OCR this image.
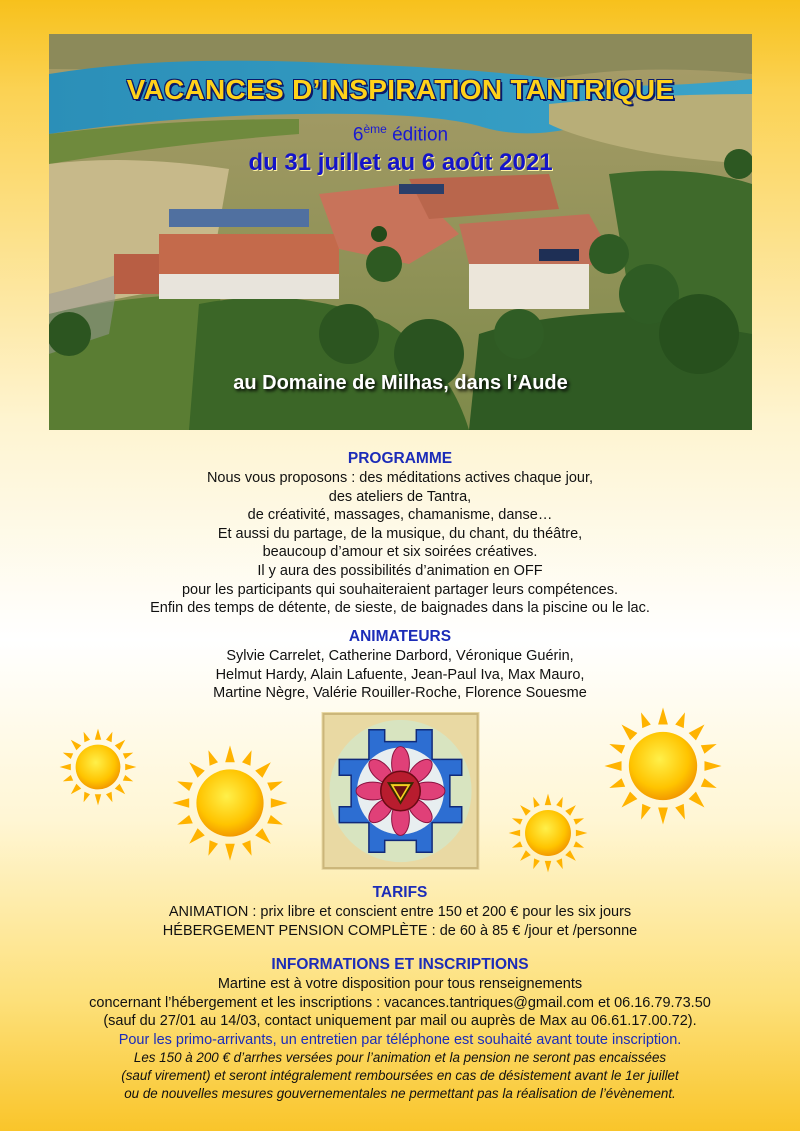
VACANCES D’INSPIRATION TANTRIQUE
6ème édition
du 31 juillet au 6 août 2021
au Domaine de Milhas, dans l’Aude
PROGRAMME
Nous vous proposons : des méditations actives chaque jour,
des ateliers de Tantra,
de créativité, massages, chamanisme, danse…
Et aussi du partage, de la musique, du chant, du théâtre,
beaucoup d’amour et six soirées créatives.
Il y aura des possibilités d’animation en OFF
pour les participants qui souhaiteraient partager leurs compétences.
Enfin des temps de détente, de sieste, de baignades dans la piscine ou le lac.
ANIMATEURS
Sylvie Carrelet, Catherine Darbord, Véronique Guérin,
Helmut Hardy, Alain Lafuente, Jean-Paul Iva, Max Mauro,
Martine Nègre, Valérie Rouiller-Roche, Florence Souesme
TARIFS
ANIMATION : prix libre et conscient entre 150 et 200 € pour les six jours
HÉBERGEMENT PENSION COMPLÈTE : de 60 à 85 € /jour et /personne
INFORMATIONS ET INSCRIPTIONS
Martine est à votre disposition pour tous renseignements
concernant l’hébergement et les inscriptions : vacances.tantriques@gmail.com et 06.16.79.73.50
(sauf du 27/01 au 14/03, contact uniquement par mail ou auprès de Max au 06.61.17.00.72).
Pour les primo-arrivants, un entretien par téléphone est souhaité avant toute inscription.
Les 150 à 200 € d’arrhes versées pour l’animation et la pension ne seront pas encaissées
(sauf virement) et seront intégralement remboursées en cas de désistement avant le 1er juillet
ou de nouvelles mesures gouvernementales ne permettant pas la réalisation de l’évènement.
